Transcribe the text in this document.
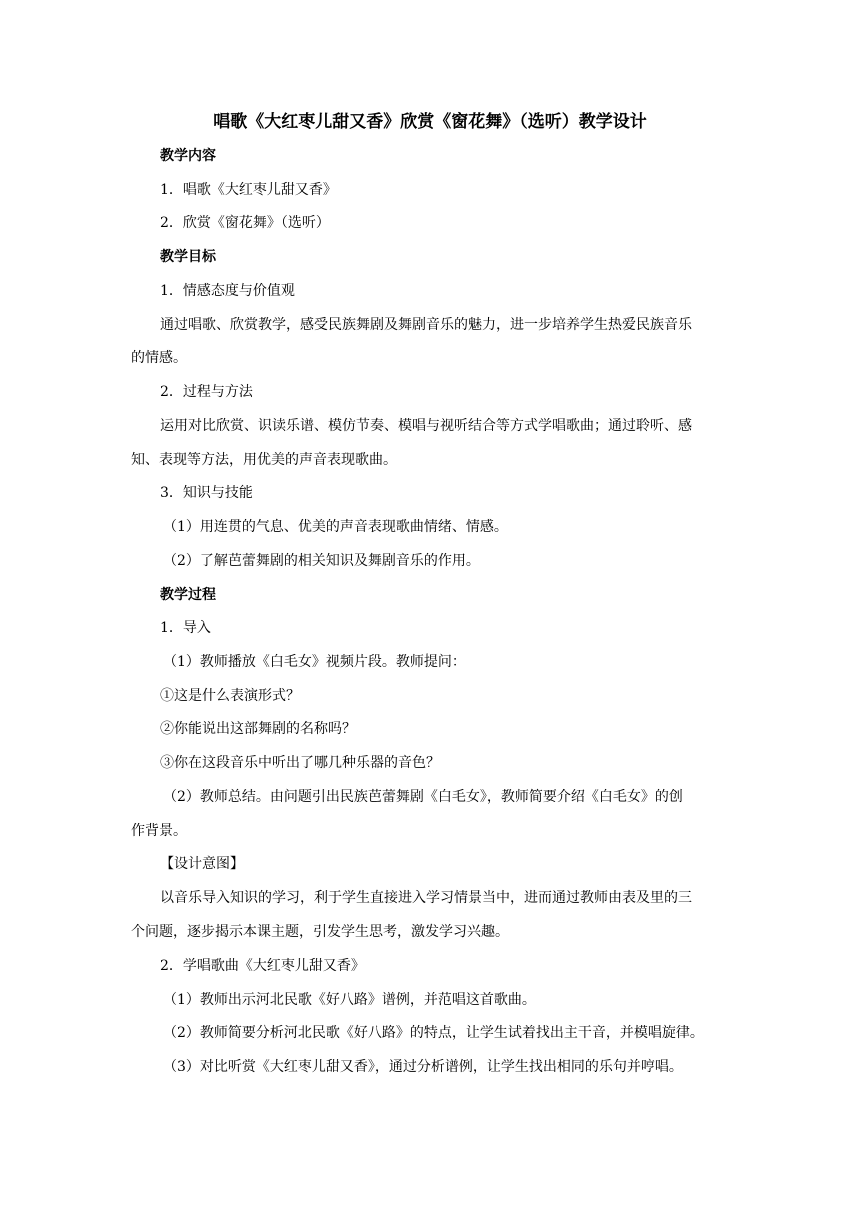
唱歌《大红枣儿甜又香》欣赏《窗花舞》（选听）教学设计
教学内容
1．唱歌《大红枣儿甜又香》
2．欣赏《窗花舞》（选听）
教学目标
1．情感态度与价值观
通过唱歌、欣赏教学，感受民族舞剧及舞剧音乐的魅力，进一步培养学生热爱民族音乐
的情感。
2．过程与方法
运用对比欣赏、识读乐谱、模仿节奏、模唱与视听结合等方式学唱歌曲；通过聆听、感
知、表现等方法，用优美的声音表现歌曲。
3．知识与技能
（1）用连贯的气息、优美的声音表现歌曲情绪、情感。
（2）了解芭蕾舞剧的相关知识及舞剧音乐的作用。
教学过程
1．导入
（1）教师播放《白毛女》视频片段。教师提问：
①这是什么表演形式？
②你能说出这部舞剧的名称吗？
③你在这段音乐中听出了哪几种乐器的音色？
（2）教师总结。由问题引出民族芭蕾舞剧《白毛女》，教师简要介绍《白毛女》的创
作背景。
【设计意图】
以音乐导入知识的学习，利于学生直接进入学习情景当中，进而通过教师由表及里的三
个问题，逐步揭示本课主题，引发学生思考，激发学习兴趣。
2．学唱歌曲《大红枣儿甜又香》
（1）教师出示河北民歌《好八路》谱例，并范唱这首歌曲。
（2）教师简要分析河北民歌《好八路》的特点，让学生试着找出主干音，并模唱旋律。
（3）对比听赏《大红枣儿甜又香》，通过分析谱例，让学生找出相同的乐句并哼唱。
